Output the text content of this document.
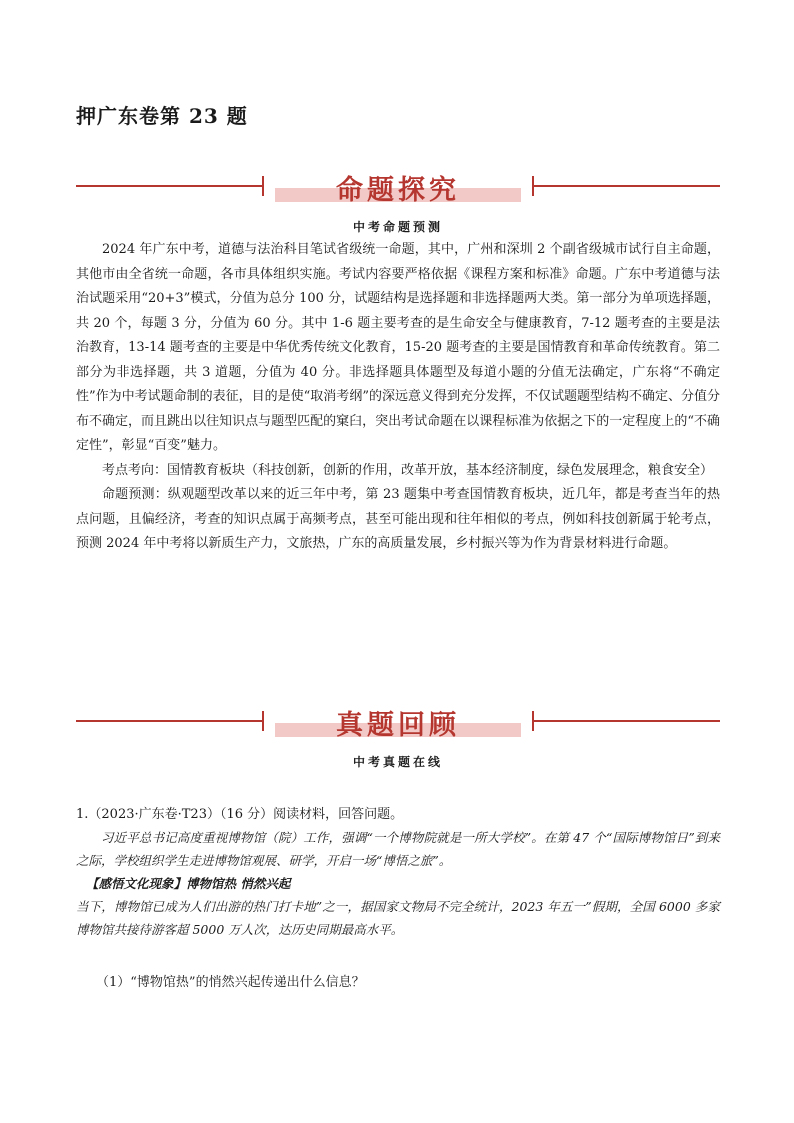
押广东卷第 23 题
命题探究
中考命题预测

2024 年广东中考，道德与法治科目笔试省级统一命题，其中，广州和深圳 2 个副省级城市试行自主命题，其他市由全省统一命题，各市具体组织实施。考试内容要严格依据《课程方案和标准》命题。广东中考道德与法治试题采用“20+3”模式，分值为总分 100 分，试题结构是选择题和非选择题两大类。第一部分为单项选择题，共 20 个，每题 3 分，分值为 60 分。其中 1-6 题主要考查的是生命安全与健康教育，7-12 题考查的主要是法治教育，13-14 题考查的主要是中华优秀传统文化教育，15-20 题考查的主要是国情教育和革命传统教育。第二部分为非选择题，共 3 道题，分值为 40 分。非选择题具体题型及每道小题的分值无法确定，广东将“不确定性”作为中考试题命制的表征，目的是使“取消考纲”的深远意义得到充分发挥，不仅试题题型结构不确定、分值分布不确定，而且跳出以往知识点与题型匹配的窠臼，突出考试命题在以课程标准为依据之下的一定程度上的“不确定性”，彰显“百变”魅力。

考点考向：国情教育板块（科技创新，创新的作用，改革开放，基本经济制度，绿色发展理念，粮食安全）

命题预测：纵观题型改革以来的近三年中考，第 23 题集中考查国情教育板块，近几年，都是考查当年的热点问题，且偏经济，考查的知识点属于高频考点，甚至可能出现和往年相似的考点，例如科技创新属于轮考点，预测 2024 年中考将以新质生产力，文旅热，广东的高质量发展，乡村振兴等为作为背景材料进行命题。

真题回顾
中考真题在线
1.（2023·广东卷·T23）（16 分）阅读材料，回答问题。

习近平总书记高度重视博物馆（院）工作，强调“一个博物院就是一所大学校”。在第 47 个“国际博物馆日”到来之际，学校组织学生走进博物馆观展、研学，开启一场“博悟之旅”。

【感悟文化现象】博物馆热 悄然兴起

当下，博物馆已成为人们出游的热门打卡地”之一，据国家文物局不完全统计，2023 年五一”假期，全国 6000 多家博物馆共接待游客超 5000 万人次，达历史同期最高水平。

（1）“博物馆热”的悄然兴起传递出什么信息？
